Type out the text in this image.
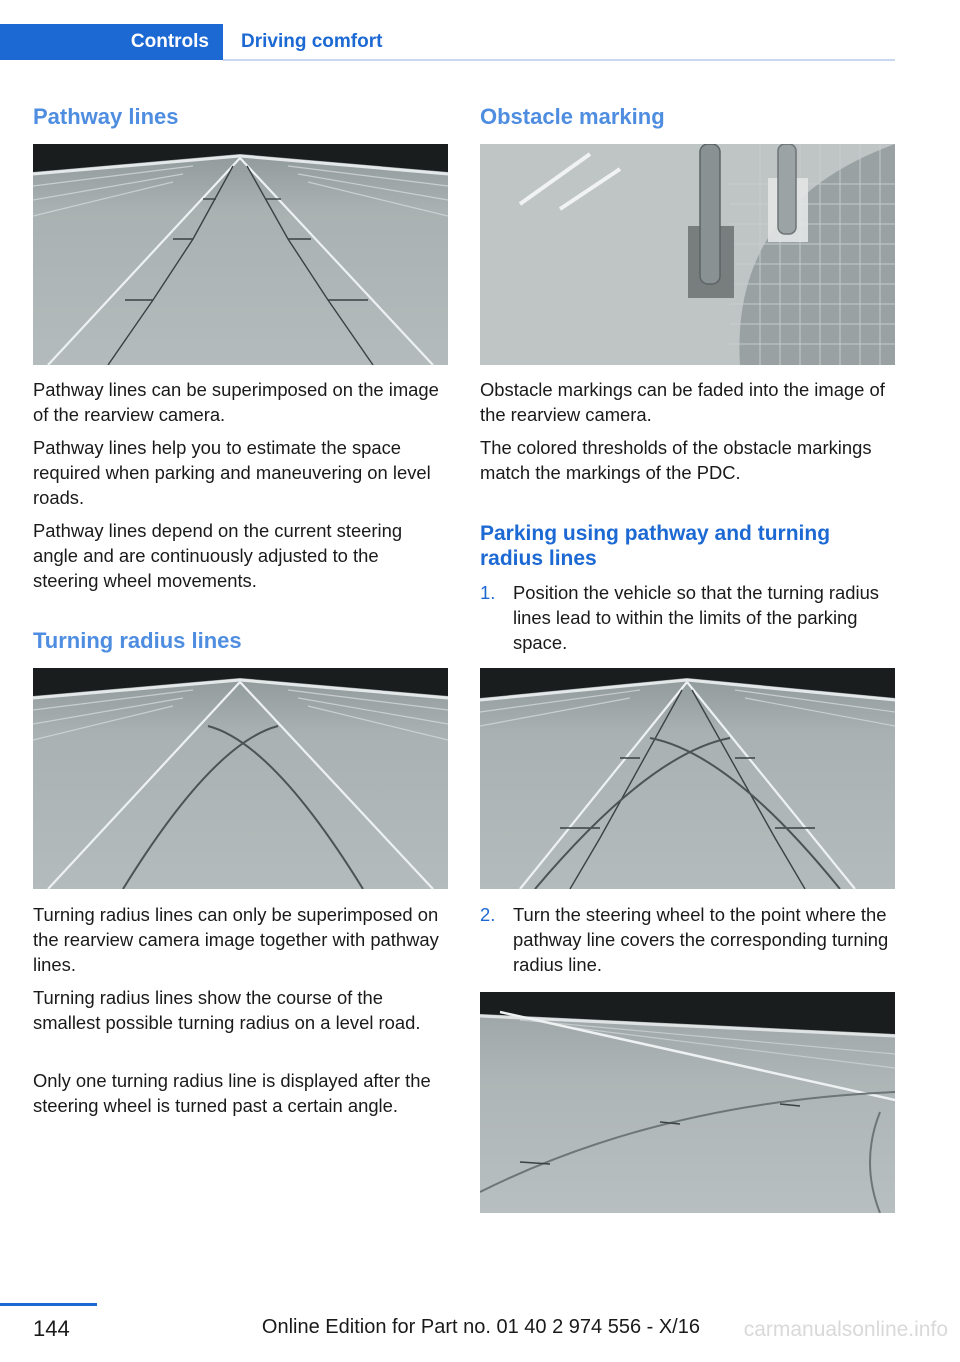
Controls	Driving comfort
Pathway lines

Pathway lines can be superimposed on the image of the rearview camera.

Pathway lines help you to estimate the space required when parking and maneuvering on level roads.

Pathway lines depend on the current steering angle and are continuously adjusted to the steering wheel movements.

Turning radius lines

Turning radius lines can only be superimposed on the rearview camera image together with pathway lines.

Turning radius lines show the course of the smallest possible turning radius on a level road.

Only one turning radius line is displayed after the steering wheel is turned past a certain angle.

Obstacle marking

Obstacle markings can be faded into the image of the rearview camera.

The colored thresholds of the obstacle markings match the markings of the PDC.

Parking using pathway and turning radius lines
1. Position the vehicle so that the turning radius lines lead to within the limits of the parking space.
2. Turn the steering wheel to the point where the pathway line covers the corresponding turning radius line.
144	Online Edition for Part no. 01 40 2 974 556 - X/16 carmanualsonline.info
